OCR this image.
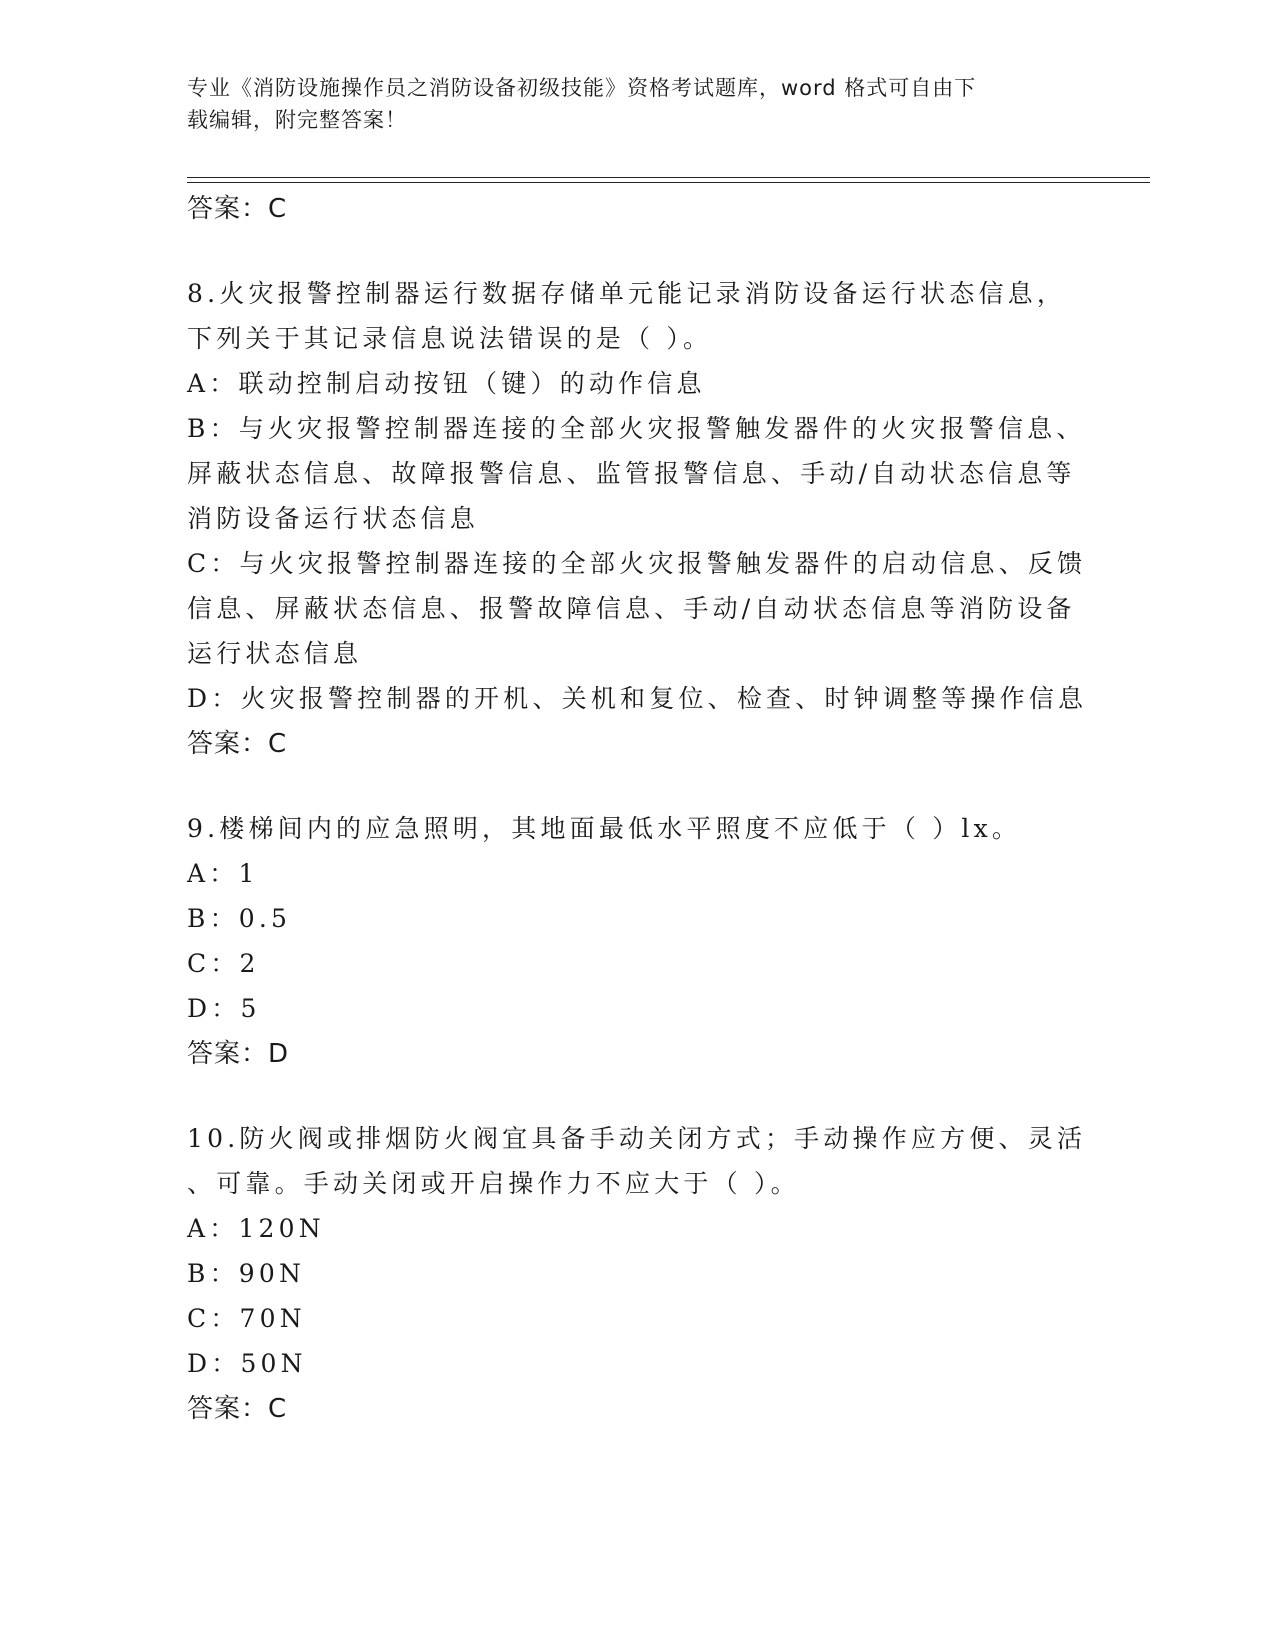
专业《消防设施操作员之消防设备初级技能》资格考试题库，word 格式可自由下
载编辑，附完整答案！
答案：C
8.火灾报警控制器运行数据存储单元能记录消防设备运行状态信息，
下列关于其记录信息说法错误的是（ ）。
A：联动控制启动按钮（键）的动作信息
B：与火灾报警控制器连接的全部火灾报警触发器件的火灾报警信息、
屏蔽状态信息、故障报警信息、监管报警信息、手动/自动状态信息等
消防设备运行状态信息
C：与火灾报警控制器连接的全部火灾报警触发器件的启动信息、反馈
信息、屏蔽状态信息、报警故障信息、手动/自动状态信息等消防设备
运行状态信息
D：火灾报警控制器的开机、关机和复位、检查、时钟调整等操作信息
答案：C
9.楼梯间内的应急照明，其地面最低水平照度不应低于（ ）lx。
A：1
B：0.5
C：2
D：5
答案：D
10.防火阀或排烟防火阀宜具备手动关闭方式；手动操作应方便、灵活
、可靠。手动关闭或开启操作力不应大于（ ）。
A：120N
B：90N
C：70N
D：50N
答案：C
